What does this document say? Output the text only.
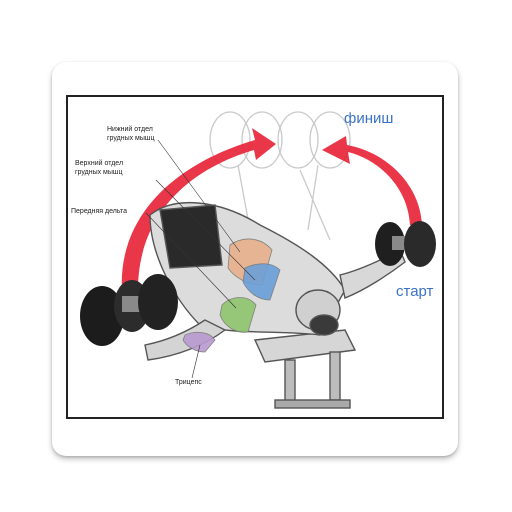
Нижний отдел
грудных мышц
Верхний отдел
грудных мышц
Передняя дельта
Трицепс
финиш
старт
